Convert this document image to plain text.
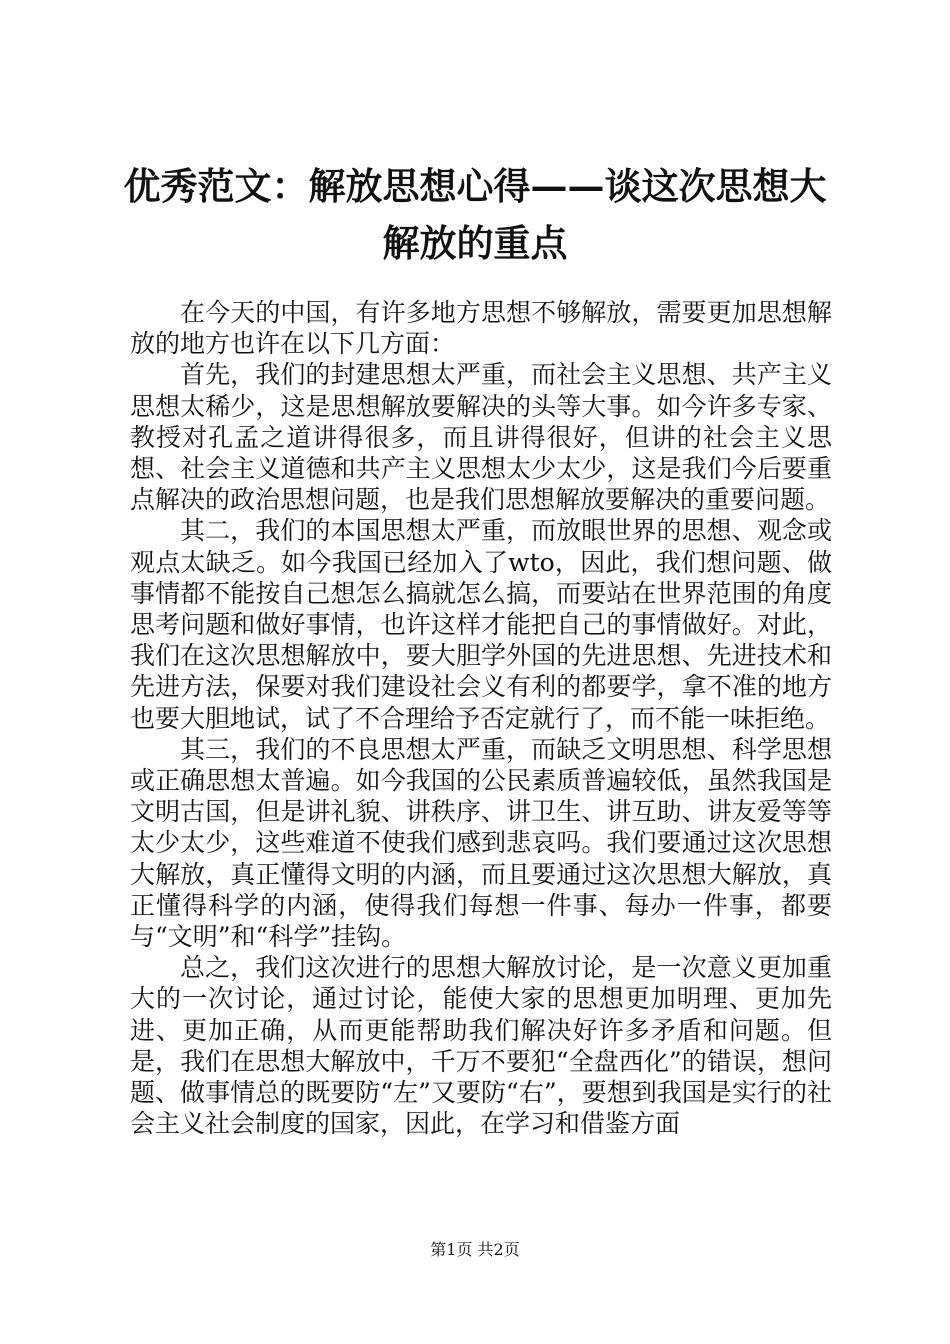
优秀范文：解放思想心得——谈这次思想大解放的重点

在今天的中国，有许多地方思想不够解放，需要更加思想解放的地方也许在以下几方面：

首先，我们的封建思想太严重，而社会主义思想、共产主义思想太稀少，这是思想解放要解决的头等大事。如今许多专家、教授对孔孟之道讲得很多，而且讲得很好，但讲的社会主义思想、社会主义道德和共产主义思想太少太少，这是我们今后要重点解决的政治思想问题，也是我们思想解放要解决的重要问题。

其二，我们的本国思想太严重，而放眼世界的思想、观念或观点太缺乏。如今我国已经加入了wto，因此，我们想问题、做事情都不能按自己想怎么搞就怎么搞，而要站在世界范围的角度思考问题和做好事情，也许这样才能把自己的事情做好。对此，我们在这次思想解放中，要大胆学外国的先进思想、先进技术和先进方法，保要对我们建设社会义有利的都要学，拿不准的地方也要大胆地试，试了不合理给予否定就行了，而不能一味拒绝。

其三，我们的不良思想太严重，而缺乏文明思想、科学思想或正确思想太普遍。如今我国的公民素质普遍较低，虽然我国是文明古国，但是讲礼貌、讲秩序、讲卫生、讲互助、讲友爱等等太少太少，这些难道不使我们感到悲哀吗。我们要通过这次思想大解放，真正懂得文明的内涵，而且要通过这次思想大解放，真正懂得科学的内涵，使得我们每想一件事、每办一件事，都要与“文明”和“科学”挂钩。

总之，我们这次进行的思想大解放讨论，是一次意义更加重大的一次讨论，通过讨论，能使大家的思想更加明理、更加先进、更加正确，从而更能帮助我们解决好许多矛盾和问题。但是，我们在思想大解放中，千万不要犯“全盘西化”的错误，想问题、做事情总的既要防“左”又要防“右”，要想到我国是实行的社会主义社会制度的国家，因此，在学习和借鉴方面

第1页 共2页
